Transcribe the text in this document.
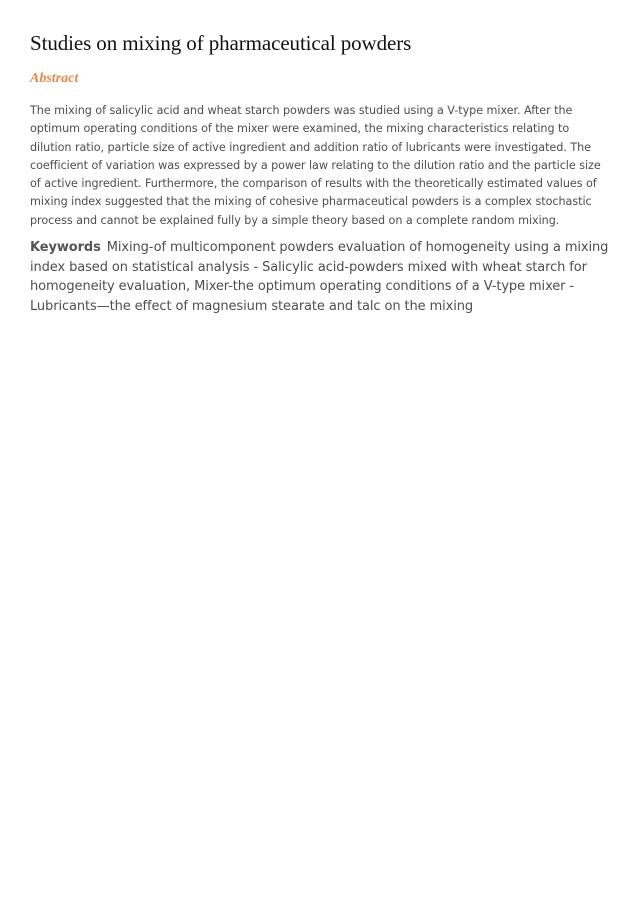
Studies on mixing of pharmaceutical powders
Abstract

The mixing of salicylic acid and wheat starch powders was studied using a V-type mixer. After the optimum operating conditions of the mixer were examined, the mixing characteristics relating to dilution ratio, particle size of active ingredient and addition ratio of lubricants were investigated. The coefficient of variation was expressed by a power law relating to the dilution ratio and the particle size of active ingredient. Furthermore, the comparison of results with the theoretically estimated values of mixing index suggested that the mixing of cohesive pharmaceutical powders is a complex stochastic process and cannot be explained fully by a simple theory based on a complete random mixing.

Keywords Mixing-of multicomponent powders evaluation of homogeneity using a mixing index based on statistical analysis - Salicylic acid-powders mixed with wheat starch for homogeneity evaluation, Mixer-the optimum operating conditions of a V-type mixer - Lubricants—the effect of magnesium stearate and talc on the mixing
